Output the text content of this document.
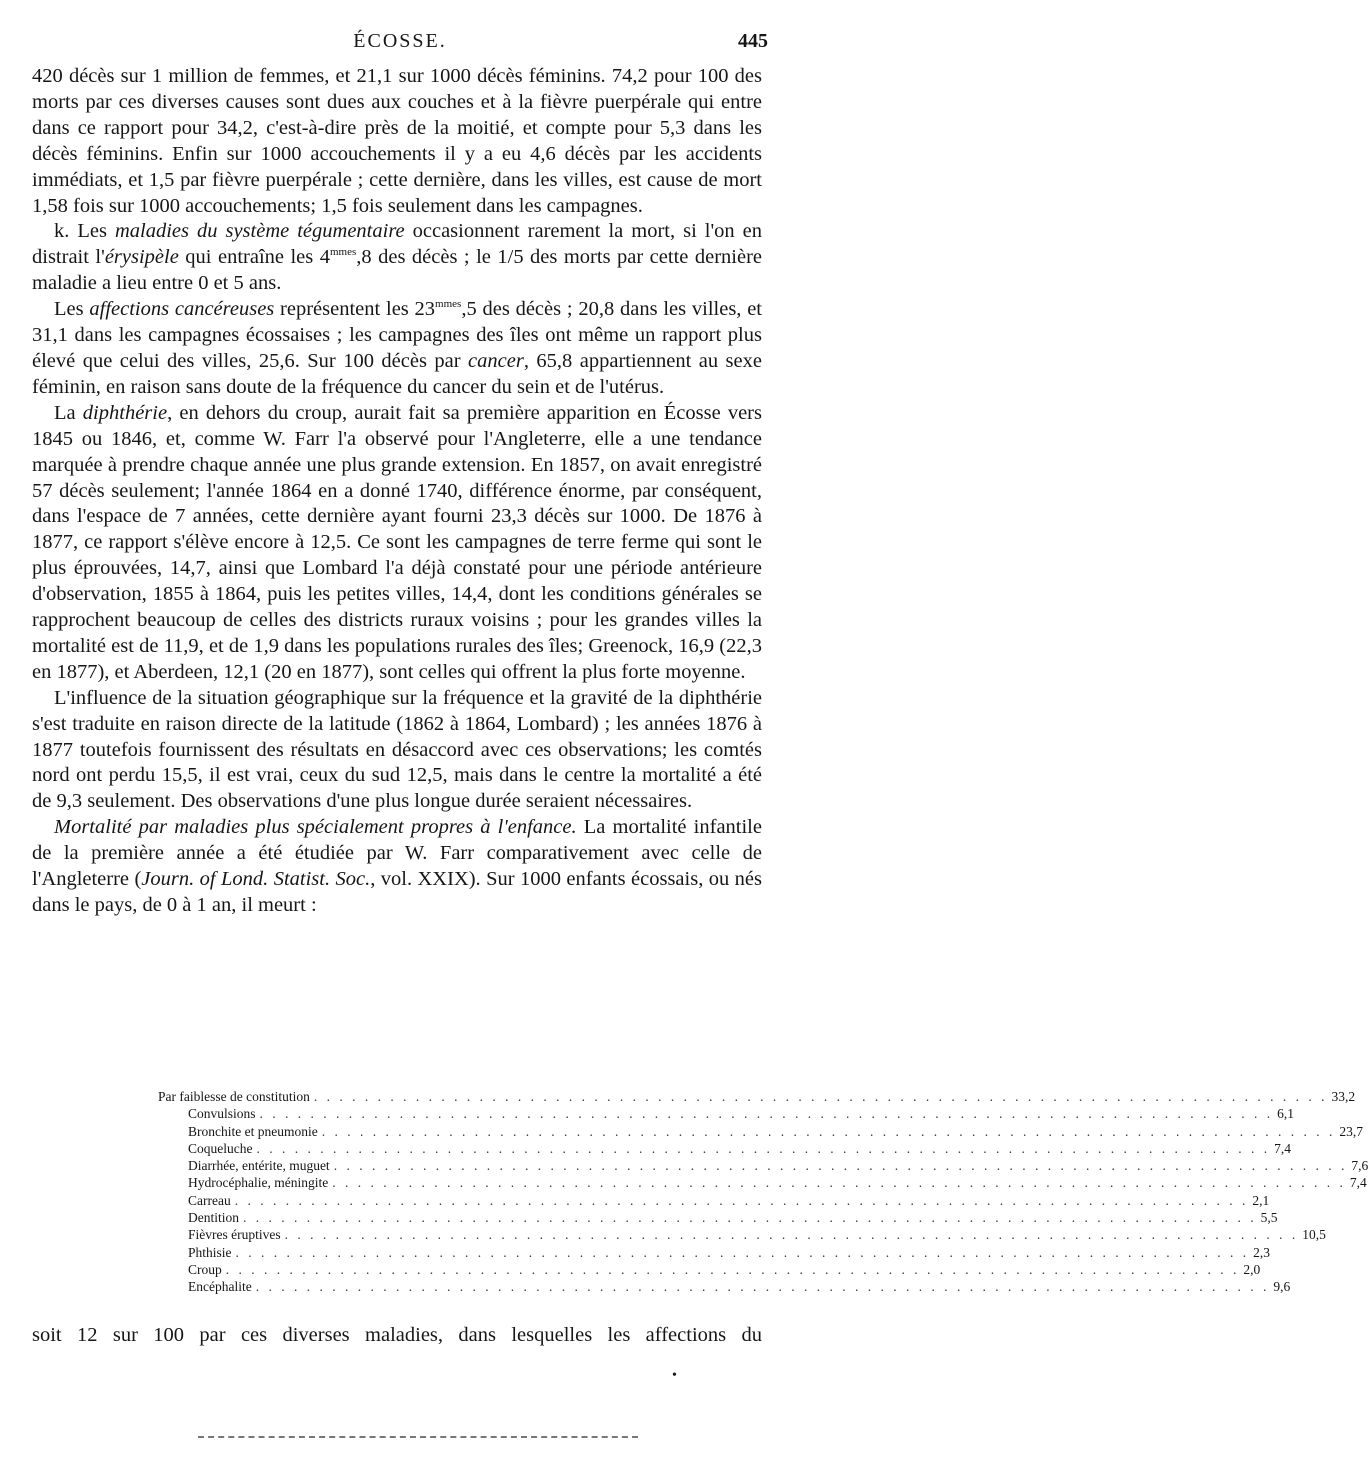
ÉCOSSE.	445

420 décès sur 1 million de femmes, et 21,1 sur 1000 décès féminins. 74,2 pour 100 des morts par ces diverses causes sont dues aux couches et à la fièvre puerpérale qui entre dans ce rapport pour 34,2, c'est-à-dire près de la moitié, et compte pour 5,3 dans les décès féminins. Enfin sur 1000 accouchements il y a eu 4,6 décès par les accidents immédiats, et 1,5 par fièvre puerpérale ; cette dernière, dans les villes, est cause de mort 1,58 fois sur 1000 accouchements; 1,5 fois seulement dans les campagnes.

k. Les maladies du système tégumentaire occasionnent rarement la mort, si l'on en distrait l'érysipèle qui entraîne les $4^{mmes},8$ des décès ; le 1/5 des morts par cette dernière maladie a lieu entre 0 et 5 ans.

Les affections cancéreuses représentent les $23^{mmes},5$ des décès ; 20,8 dans les villes, et 31,1 dans les campagnes écossaises ; les campagnes des îles ont même un rapport plus élevé que celui des villes, 25,6. Sur 100 décès par cancer, 65,8 appartiennent au sexe féminin, en raison sans doute de la fréquence du cancer du sein et de l'utérus.

La diphthérie, en dehors du croup, aurait fait sa première apparition en Écosse vers 1845 ou 1846, et, comme W. Farr l'a observé pour l'Angleterre, elle a une tendance marquée à prendre chaque année une plus grande extension. En 1857, on avait enregistré 57 décès seulement; l'année 1864 en a donné 1740, différence énorme, par conséquent, dans l'espace de 7 années, cette dernière ayant fourni 23,3 décès sur 1000. De 1876 à 1877, ce rapport s'élève encore à 12,5. Ce sont les campagnes de terre ferme qui sont le plus éprouvées, 14,7, ainsi que Lombard l'a déjà constaté pour une période antérieure d'observation, 1855 à 1864, puis les petites villes, 14,4, dont les conditions générales se rapprochent beaucoup de celles des districts ruraux voisins ; pour les grandes villes la mortalité est de 11,9, et de 1,9 dans les populations rurales des îles; Greenock, 16,9 (22,3 en 1877), et Aberdeen, 12,1 (20 en 1877), sont celles qui offrent la plus forte moyenne.

L'influence de la situation géographique sur la fréquence et la gravité de la diphthérie s'est traduite en raison directe de la latitude (1862 à 1864, Lombard) ; les années 1876 à 1877 toutefois fournissent des résultats en désaccord avec ces observations; les comtés nord ont perdu 15,5, il est vrai, ceux du sud 12,5, mais dans le centre la mortalité a été de 9,3 seulement. Des observations d'une plus longue durée seraient nécessaires.

Mortalité par maladies plus spécialement propres à l'enfance. La mortalité infantile de la première année a été étudiée par W. Farr comparativement avec celle de l'Angleterre (Journ. of Lond. Statist. Soc., vol. XXIX). Sur 1000 enfants écossais, ou nés dans le pays, de 0 à 1 an, il meurt :

Par faiblesse de constitution . . . . . . . . . . . . . . . . . . . . . . . . . . . . . . . . . . . . . . . . . . . . . . . . . . . . . . . . . . . . . . . . . . . . . . . . . . . . . . . . 33,2
Convulsions . . . . . . . . . . . . . . . . . . . . . . . . . . . . . . . . . . . . . . . . . . . . . . . . . . . . . . . . . . . . . . . . . . . . . . . . . . . . . . . . 6,1
Bronchite et pneumonie . . . . . . . . . . . . . . . . . . . . . . . . . . . . . . . . . . . . . . . . . . . . . . . . . . . . . . . . . . . . . . . . . . . . . . . . . . . . . . . . 23,7
Coqueluche . . . . . . . . . . . . . . . . . . . . . . . . . . . . . . . . . . . . . . . . . . . . . . . . . . . . . . . . . . . . . . . . . . . . . . . . . . . . . . . . 7,4
Diarrhée, entérite, muguet . . . . . . . . . . . . . . . . . . . . . . . . . . . . . . . . . . . . . . . . . . . . . . . . . . . . . . . . . . . . . . . . . . . . . . . . . . . . . . . . 7,6
Hydrocéphalie, méningite . . . . . . . . . . . . . . . . . . . . . . . . . . . . . . . . . . . . . . . . . . . . . . . . . . . . . . . . . . . . . . . . . . . . . . . . . . . . . . . . 7,4
Carreau . . . . . . . . . . . . . . . . . . . . . . . . . . . . . . . . . . . . . . . . . . . . . . . . . . . . . . . . . . . . . . . . . . . . . . . . . . . . . . . . 2,1
Dentition . . . . . . . . . . . . . . . . . . . . . . . . . . . . . . . . . . . . . . . . . . . . . . . . . . . . . . . . . . . . . . . . . . . . . . . . . . . . . . . . 5,5
Fièvres éruptives . . . . . . . . . . . . . . . . . . . . . . . . . . . . . . . . . . . . . . . . . . . . . . . . . . . . . . . . . . . . . . . . . . . . . . . . . . . . . . . . 10,5
Phthisie . . . . . . . . . . . . . . . . . . . . . . . . . . . . . . . . . . . . . . . . . . . . . . . . . . . . . . . . . . . . . . . . . . . . . . . . . . . . . . . . 2,3
Croup . . . . . . . . . . . . . . . . . . . . . . . . . . . . . . . . . . . . . . . . . . . . . . . . . . . . . . . . . . . . . . . . . . . . . . . . . . . . . . . . 2,0
Encéphalite . . . . . . . . . . . . . . . . . . . . . . . . . . . . . . . . . . . . . . . . . . . . . . . . . . . . . . . . . . . . . . . . . . . . . . . . . . . . . . . . 9,6
soit 12 sur 100 par ces diverses maladies, dans lesquelles les affections du
•
